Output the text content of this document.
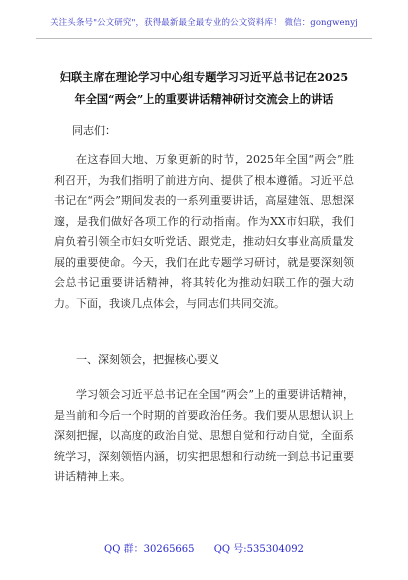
关注头条号"公文研究"，获得最新最全最专业的公文资料库！ 微信：gongwenyj
妇联主席在理论学习中心组专题学习习近平总书记在2025
年全国“两会”上的重要讲话精神研讨交流会上的讲话
同志们：

在这春回大地、万象更新的时节，2025年全国“两会”胜利召开，为我们指明了前进方向、提供了根本遵循。习近平总书记在“两会”期间发表的一系列重要讲话，高屋建瓴、思想深邃，是我们做好各项工作的行动指南。作为XX市妇联，我们肩负着引领全市妇女听党话、跟党走，推动妇女事业高质量发展的重要使命。今天，我们在此专题学习研讨，就是要深刻领会总书记重要讲话精神，将其转化为推动妇联工作的强大动力。下面，我谈几点体会，与同志们共同交流。

一、深刻领会，把握核心要义

学习领会习近平总书记在全国“两会”上的重要讲话精神，是当前和今后一个时期的首要政治任务。我们要从思想认识上深刻把握，以高度的政治自觉、思想自觉和行动自觉，全面系统学习，深刻领悟内涵，切实把思想和行动统一到总书记重要讲话精神上来。

QQ 群：30265665 QQ 号:535304092
